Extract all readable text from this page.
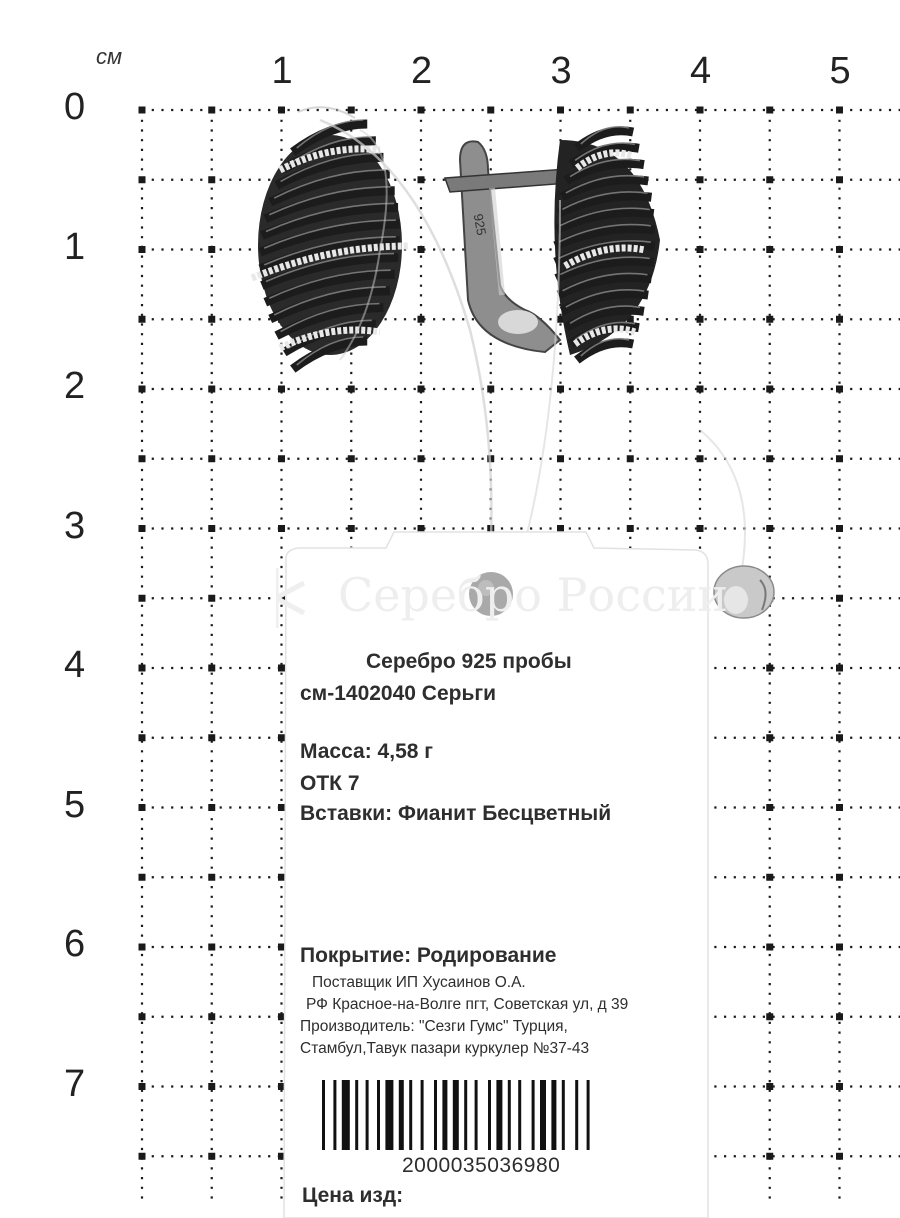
925
см	1	2	3	4	5
0
1
2
3
4
5
6
7
Серебро России
Серебро 925 пробы
см-1402040 Серьги
Масса: 4,58 г
ОТК 7
Вставки: Фианит Бесцветный
Покрытие: Родирование
Поставщик ИП Хусаинов О.А.
РФ Красное-на-Волге пгт, Советская ул, д 39
Производитель: "Сезги Гумс" Турция,
Стамбул,Тавук пазари куркулер №37-43
2000035036980
Цена изд:
